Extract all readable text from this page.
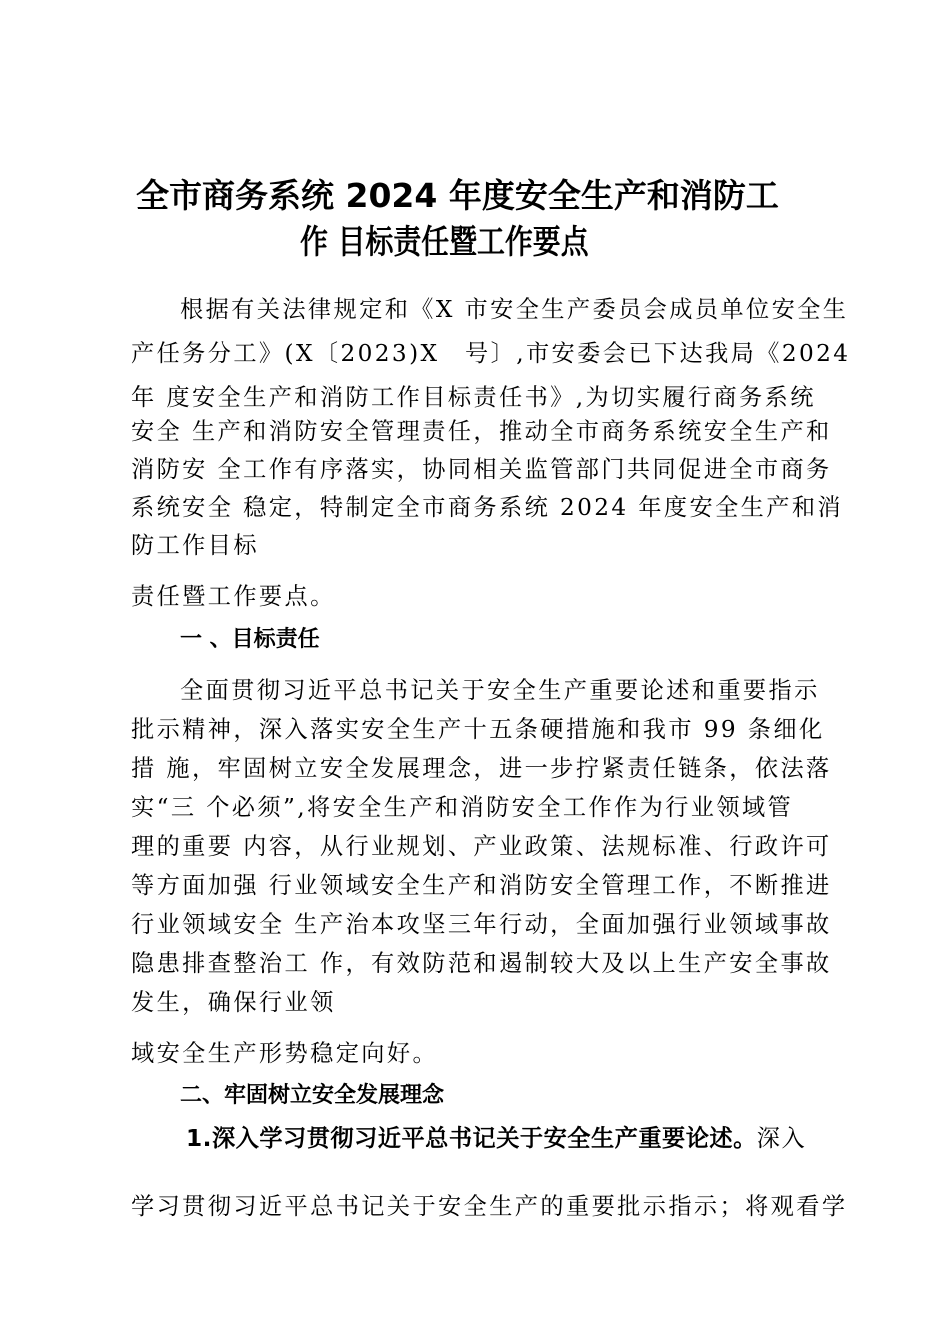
全市商务系统 2024 年度安全生产和消防工
作 目标责任暨工作要点
根据有关法律规定和《X 市安全生产委员会成员单位安全生
产任务分工》(X〔2023)X　号〕,市安委会已下达我局《2024
年 度安全生产和消防工作目标责任书》,为切实履行商务系统
安全 生产和消防安全管理责任，推动全市商务系统安全生产和
消防安 全工作有序落实，协同相关监管部门共同促进全市商务
系统安全 稳定，特制定全市商务系统 2024 年度安全生产和消
防工作目标
责任暨工作要点。
一 、目标责任
全面贯彻习近平总书记关于安全生产重要论述和重要指示
批示精神，深入落实安全生产十五条硬措施和我市 99 条细化
措 施，牢固树立安全发展理念，进一步拧紧责任链条，依法落
实“三 个必须”,将安全生产和消防安全工作作为行业领域管
理的重要 内容，从行业规划、产业政策、法规标准、行政许可
等方面加强 行业领域安全生产和消防安全管理工作，不断推进
行业领域安全 生产治本攻坚三年行动，全面加强行业领域事故
隐患排查整治工 作，有效防范和遏制较大及以上生产安全事故
发生，确保行业领
域安全生产形势稳定向好。
二、牢固树立安全发展理念
1.深入学习贯彻习近平总书记关于安全生产重要论述。深入
学习贯彻习近平总书记关于安全生产的重要批示指示；将观看学
